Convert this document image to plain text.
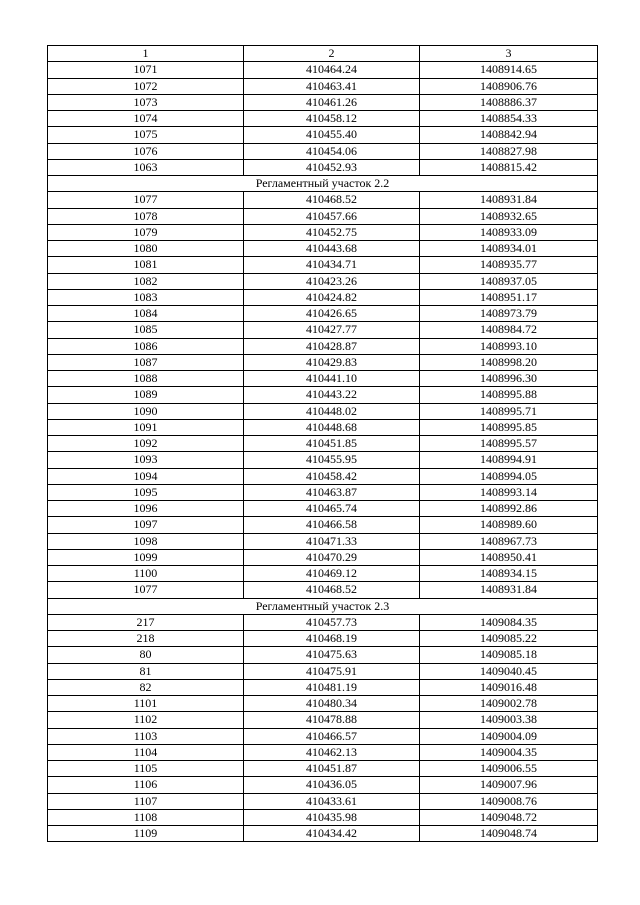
1	2	3
1071	410464.24	1408914.65
1072	410463.41	1408906.76
1073	410461.26	1408886.37
1074	410458.12	1408854.33
1075	410455.40	1408842.94
1076	410454.06	1408827.98
1063	410452.93	1408815.42
Регламентный участок 2.2		
1077	410468.52	1408931.84
1078	410457.66	1408932.65
1079	410452.75	1408933.09
1080	410443.68	1408934.01
1081	410434.71	1408935.77
1082	410423.26	1408937.05
1083	410424.82	1408951.17
1084	410426.65	1408973.79
1085	410427.77	1408984.72
1086	410428.87	1408993.10
1087	410429.83	1408998.20
1088	410441.10	1408996.30
1089	410443.22	1408995.88
1090	410448.02	1408995.71
1091	410448.68	1408995.85
1092	410451.85	1408995.57
1093	410455.95	1408994.91
1094	410458.42	1408994.05
1095	410463.87	1408993.14
1096	410465.74	1408992.86
1097	410466.58	1408989.60
1098	410471.33	1408967.73
1099	410470.29	1408950.41
1100	410469.12	1408934.15
1077	410468.52	1408931.84
Регламентный участок 2.3		
217	410457.73	1409084.35
218	410468.19	1409085.22
80	410475.63	1409085.18
81	410475.91	1409040.45
82	410481.19	1409016.48
1101	410480.34	1409002.78
1102	410478.88	1409003.38
1103	410466.57	1409004.09
1104	410462.13	1409004.35
1105	410451.87	1409006.55
1106	410436.05	1409007.96
1107	410433.61	1409008.76
1108	410435.98	1409048.72
1109	410434.42	1409048.74
